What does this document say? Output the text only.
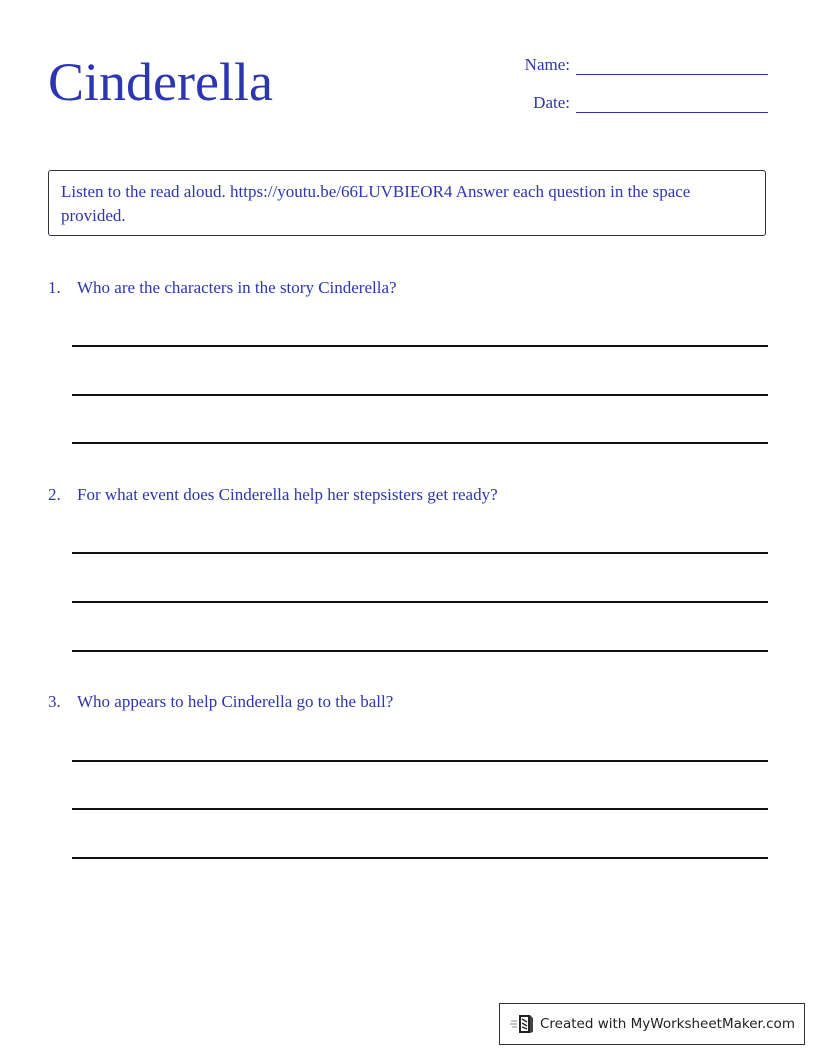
Cinderella	Name:
Date:
Listen to the read aloud. https://youtu.be/66LUVBIEOR4 Answer each question in the space provided.
1. Who are the characters in the story Cinderella?
2. For what event does Cinderella help her stepsisters get ready?
3. Who appears to help Cinderella go to the ball?
Created with MyWorksheetMaker.com
